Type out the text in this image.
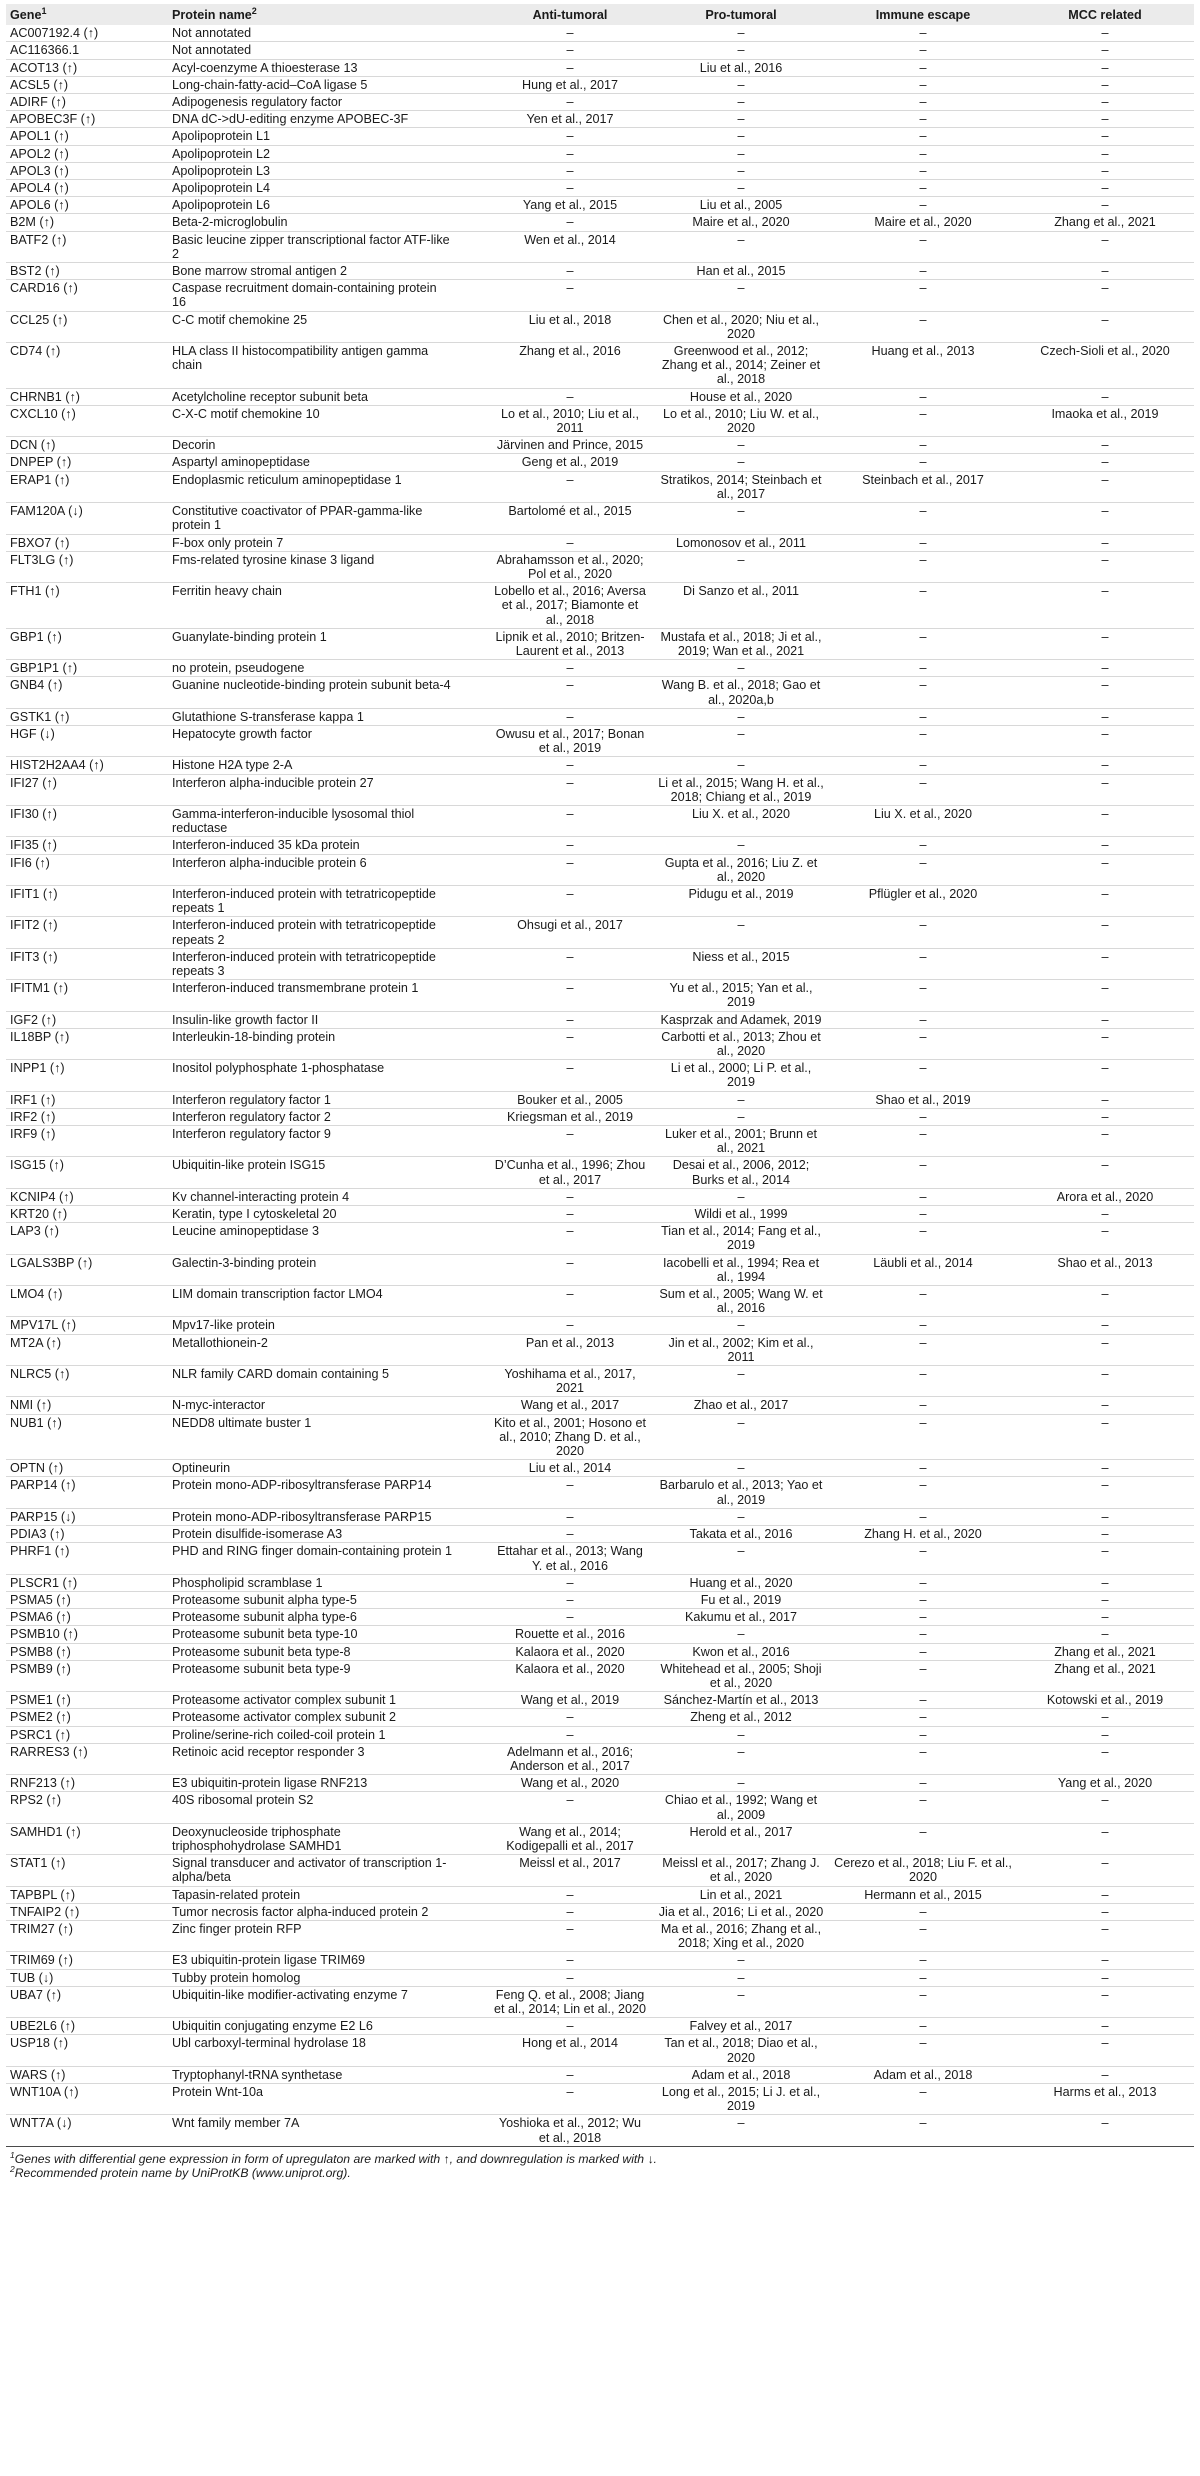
Gene$^1$	Protein name$^2$	Anti-tumoral	Pro-tumoral	Immune escape	MCC related
AC007192.4 (↑)	Not annotated	–	–	–	–
AC116366.1	Not annotated	–	–	–	–
ACOT13 (↑)	Acyl-coenzyme A thioesterase 13	–	Liu et al., 2016	–	–
ACSL5 (↑)	Long-chain-fatty-acid–CoA ligase 5	Hung et al., 2017	–	–	–
ADIRF (↑)	Adipogenesis regulatory factor	–	–	–	–
APOBEC3F (↑)	DNA dC->dU-editing enzyme APOBEC-3F	Yen et al., 2017	–	–	–
APOL1 (↑)	Apolipoprotein L1	–	–	–	–
APOL2 (↑)	Apolipoprotein L2	–	–	–	–
APOL3 (↑)	Apolipoprotein L3	–	–	–	–
APOL4 (↑)	Apolipoprotein L4	–	–	–	–
APOL6 (↑)	Apolipoprotein L6	Yang et al., 2015	Liu et al., 2005	–	–
B2M (↑)	Beta-2-microglobulin	–	Maire et al., 2020	Maire et al., 2020	Zhang et al., 2021
BATF2 (↑)	Basic leucine zipper transcriptional factor ATF-like 2	Wen et al., 2014	–	–	–
BST2 (↑)	Bone marrow stromal antigen 2	–	Han et al., 2015	–	–
CARD16 (↑)	Caspase recruitment domain-containing protein 16	–	–	–	–
CCL25 (↑)	C-C motif chemokine 25	Liu et al., 2018	Chen et al., 2020; Niu et al., 2020	–	–
CD74 (↑)	HLA class II histocompatibility antigen gamma chain	Zhang et al., 2016	Greenwood et al., 2012; Zhang et al., 2014; Zeiner et al., 2018	Huang et al., 2013	Czech-Sioli et al., 2020
CHRNB1 (↑)	Acetylcholine receptor subunit beta	–	House et al., 2020	–	–
CXCL10 (↑)	C-X-C motif chemokine 10	Lo et al., 2010; Liu et al., 2011	Lo et al., 2010; Liu W. et al., 2020	–	Imaoka et al., 2019
DCN (↑)	Decorin	Järvinen and Prince, 2015	–	–	–
DNPEP (↑)	Aspartyl aminopeptidase	Geng et al., 2019	–	–	–
ERAP1 (↑)	Endoplasmic reticulum aminopeptidase 1	–	Stratikos, 2014; Steinbach et al., 2017	Steinbach et al., 2017	–
FAM120A (↓)	Constitutive coactivator of PPAR-gamma-like protein 1	Bartolomé et al., 2015	–	–	–
FBXO7 (↑)	F-box only protein 7	–	Lomonosov et al., 2011	–	–
FLT3LG (↑)	Fms-related tyrosine kinase 3 ligand	Abrahamsson et al., 2020; Pol et al., 2020	–	–	–
FTH1 (↑)	Ferritin heavy chain	Lobello et al., 2016; Aversa et al., 2017; Biamonte et al., 2018	Di Sanzo et al., 2011	–	–
GBP1 (↑)	Guanylate-binding protein 1	Lipnik et al., 2010; Britzen-Laurent et al., 2013	Mustafa et al., 2018; Ji et al., 2019; Wan et al., 2021	–	–
GBP1P1 (↑)	no protein, pseudogene	–	–	–	–
GNB4 (↑)	Guanine nucleotide-binding protein subunit beta-4	–	Wang B. et al., 2018; Gao et al., 2020a,b	–	–
GSTK1 (↑)	Glutathione S-transferase kappa 1	–	–	–	–
HGF (↓)	Hepatocyte growth factor	Owusu et al., 2017; Bonan et al., 2019	–	–	–
HIST2H2AA4 (↑)	Histone H2A type 2-A	–	–	–	–
IFI27 (↑)	Interferon alpha-inducible protein 27	–	Li et al., 2015; Wang H. et al., 2018; Chiang et al., 2019	–	–
IFI30 (↑)	Gamma-interferon-inducible lysosomal thiol reductase	–	Liu X. et al., 2020	Liu X. et al., 2020	–
IFI35 (↑)	Interferon-induced 35 kDa protein	–	–	–	–
IFI6 (↑)	Interferon alpha-inducible protein 6	–	Gupta et al., 2016; Liu Z. et al., 2020	–	–
IFIT1 (↑)	Interferon-induced protein with tetratricopeptide repeats 1	–	Pidugu et al., 2019	Pflügler et al., 2020	–
IFIT2 (↑)	Interferon-induced protein with tetratricopeptide repeats 2	Ohsugi et al., 2017	–	–	–
IFIT3 (↑)	Interferon-induced protein with tetratricopeptide repeats 3	–	Niess et al., 2015	–	–
IFITM1 (↑)	Interferon-induced transmembrane protein 1	–	Yu et al., 2015; Yan et al., 2019	–	–
IGF2 (↑)	Insulin-like growth factor II	–	Kasprzak and Adamek, 2019	–	–
IL18BP (↑)	Interleukin-18-binding protein	–	Carbotti et al., 2013; Zhou et al., 2020	–	–
INPP1 (↑)	Inositol polyphosphate 1-phosphatase	–	Li et al., 2000; Li P. et al., 2019	–	–
IRF1 (↑)	Interferon regulatory factor 1	Bouker et al., 2005	–	Shao et al., 2019	–
IRF2 (↑)	Interferon regulatory factor 2	Kriegsman et al., 2019	–	–	–
IRF9 (↑)	Interferon regulatory factor 9	–	Luker et al., 2001; Brunn et al., 2021	–	–
ISG15 (↑)	Ubiquitin-like protein ISG15	D’Cunha et al., 1996; Zhou et al., 2017	Desai et al., 2006, 2012; Burks et al., 2014	–	–
KCNIP4 (↑)	Kv channel-interacting protein 4	–	–	–	Arora et al., 2020
KRT20 (↑)	Keratin, type I cytoskeletal 20	–	Wildi et al., 1999	–	–
LAP3 (↑)	Leucine aminopeptidase 3	–	Tian et al., 2014; Fang et al., 2019	–	–
LGALS3BP (↑)	Galectin-3-binding protein	–	Iacobelli et al., 1994; Rea et al., 1994	Läubli et al., 2014	Shao et al., 2013
LMO4 (↑)	LIM domain transcription factor LMO4	–	Sum et al., 2005; Wang W. et al., 2016	–	–
MPV17L (↑)	Mpv17-like protein	–	–	–	–
MT2A (↑)	Metallothionein-2	Pan et al., 2013	Jin et al., 2002; Kim et al., 2011	–	–
NLRC5 (↑)	NLR family CARD domain containing 5	Yoshihama et al., 2017, 2021	–	–	–
NMI (↑)	N-myc-interactor	Wang et al., 2017	Zhao et al., 2017	–	–
NUB1 (↑)	NEDD8 ultimate buster 1	Kito et al., 2001; Hosono et al., 2010; Zhang D. et al., 2020	–	–	–
OPTN (↑)	Optineurin	Liu et al., 2014	–	–	–
PARP14 (↑)	Protein mono-ADP-ribosyltransferase PARP14	–	Barbarulo et al., 2013; Yao et al., 2019	–	–
PARP15 (↓)	Protein mono-ADP-ribosyltransferase PARP15	–	–	–	–
PDIA3 (↑)	Protein disulfide-isomerase A3	–	Takata et al., 2016	Zhang H. et al., 2020	–
PHRF1 (↑)	PHD and RING finger domain-containing protein 1	Ettahar et al., 2013; Wang Y. et al., 2016	–	–	–
PLSCR1 (↑)	Phospholipid scramblase 1	–	Huang et al., 2020	–	–
PSMA5 (↑)	Proteasome subunit alpha type-5	–	Fu et al., 2019	–	–
PSMA6 (↑)	Proteasome subunit alpha type-6	–	Kakumu et al., 2017	–	–
PSMB10 (↑)	Proteasome subunit beta type-10	Rouette et al., 2016	–	–	–
PSMB8 (↑)	Proteasome subunit beta type-8	Kalaora et al., 2020	Kwon et al., 2016	–	Zhang et al., 2021
PSMB9 (↑)	Proteasome subunit beta type-9	Kalaora et al., 2020	Whitehead et al., 2005; Shoji et al., 2020	–	Zhang et al., 2021
PSME1 (↑)	Proteasome activator complex subunit 1	Wang et al., 2019	Sánchez-Martín et al., 2013	–	Kotowski et al., 2019
PSME2 (↑)	Proteasome activator complex subunit 2	–	Zheng et al., 2012	–	–
PSRC1 (↑)	Proline/serine-rich coiled-coil protein 1	–	–	–	–
RARRES3 (↑)	Retinoic acid receptor responder 3	Adelmann et al., 2016; Anderson et al., 2017	–	–	–
RNF213 (↑)	E3 ubiquitin-protein ligase RNF213	Wang et al., 2020	–	–	Yang et al., 2020
RPS2 (↑)	40S ribosomal protein S2	–	Chiao et al., 1992; Wang et al., 2009	–	–
SAMHD1 (↑)	Deoxynucleoside triphosphate triphosphohydrolase SAMHD1	Wang et al., 2014; Kodigepalli et al., 2017	Herold et al., 2017	–	–
STAT1 (↑)	Signal transducer and activator of transcription 1-alpha/beta	Meissl et al., 2017	Meissl et al., 2017; Zhang J. et al., 2020	Cerezo et al., 2018; Liu F. et al., 2020	–
TAPBPL (↑)	Tapasin-related protein	–	Lin et al., 2021	Hermann et al., 2015	–
TNFAIP2 (↑)	Tumor necrosis factor alpha-induced protein 2	–	Jia et al., 2016; Li et al., 2020	–	–
TRIM27 (↑)	Zinc finger protein RFP	–	Ma et al., 2016; Zhang et al., 2018; Xing et al., 2020	–	–
TRIM69 (↑)	E3 ubiquitin-protein ligase TRIM69	–	–	–	–
TUB (↓)	Tubby protein homolog	–	–	–	–
UBA7 (↑)	Ubiquitin-like modifier-activating enzyme 7	Feng Q. et al., 2008; Jiang et al., 2014; Lin et al., 2020	–	–	–
UBE2L6 (↑)	Ubiquitin conjugating enzyme E2 L6	–	Falvey et al., 2017	–	–
USP18 (↑)	Ubl carboxyl-terminal hydrolase 18	Hong et al., 2014	Tan et al., 2018; Diao et al., 2020	–	–
WARS (↑)	Tryptophanyl-tRNA synthetase	–	Adam et al., 2018	Adam et al., 2018	–
WNT10A (↑)	Protein Wnt-10a	–	Long et al., 2015; Li J. et al., 2019	–	Harms et al., 2013
WNT7A (↓)	Wnt family member 7A	Yoshioka et al., 2012; Wu et al., 2018	–	–	–
$^1$Genes with differential gene expression in form of upregulaton are marked with ↑, and downregulation is marked with ↓.
$^2$Recommended protein name by UniProtKB (www.uniprot.org).
